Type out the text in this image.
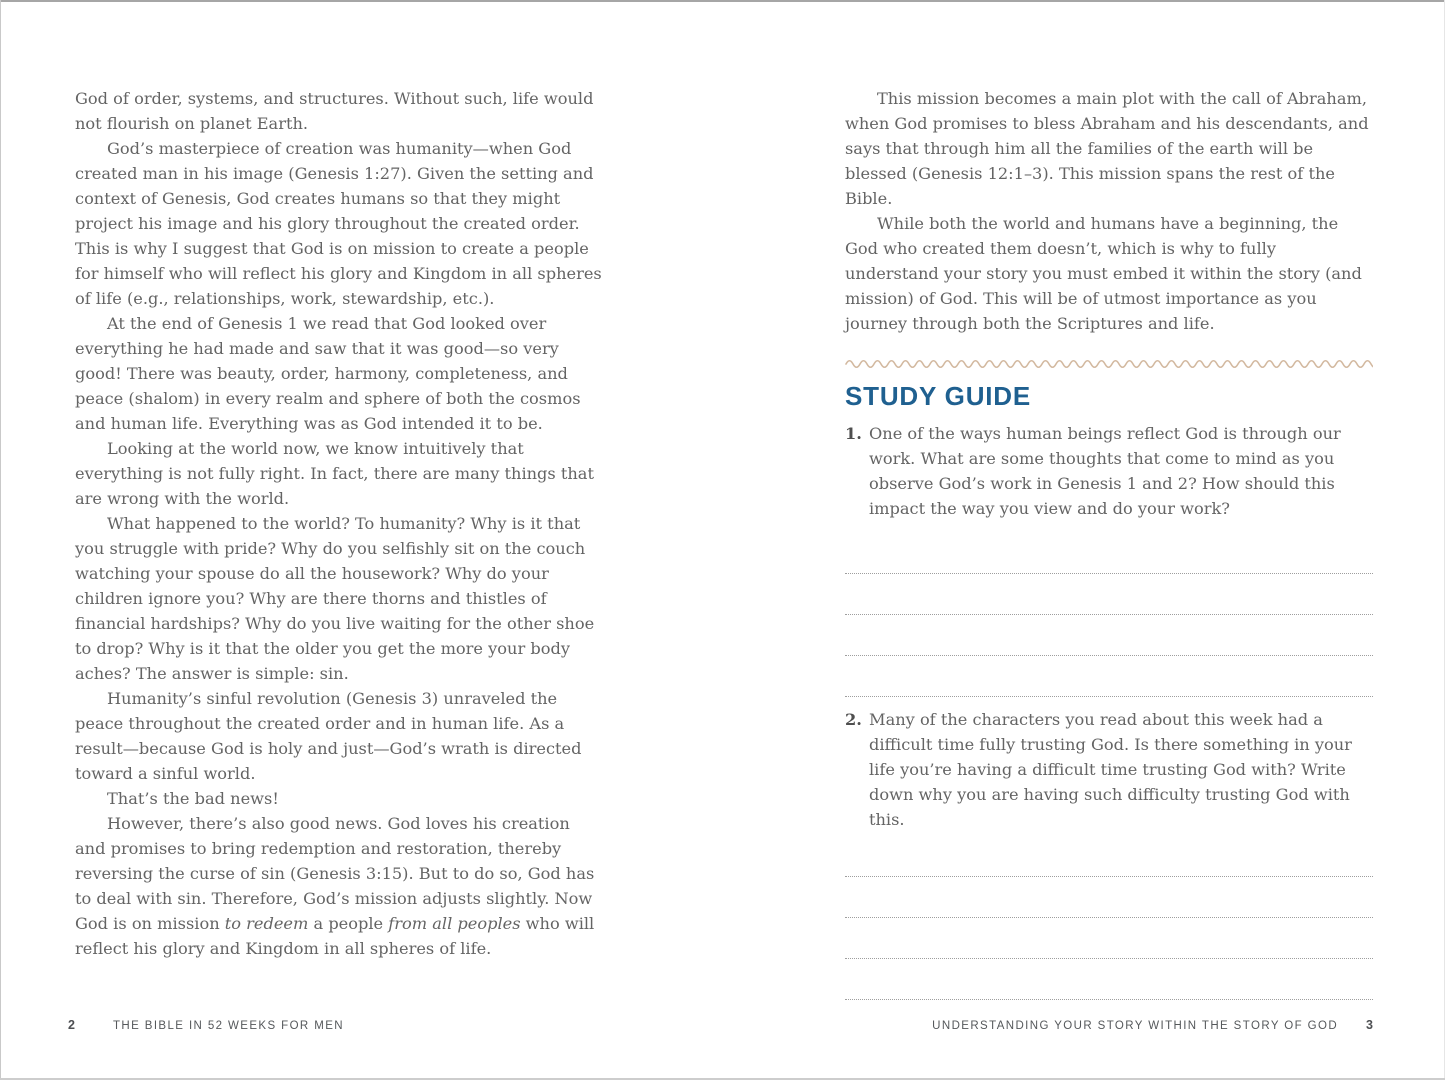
God of order, systems, and structures. Without such, life would not flourish on planet Earth.

God’s masterpiece of creation was humanity—when God created man in his image (Genesis 1:27). Given the setting and context of Genesis, God creates humans so that they might project his image and his glory throughout the created order. This is why I suggest that God is on mission to create a people for himself who will reflect his glory and Kingdom in all spheres of life (e.g., relationships, work, stewardship, etc.).

At the end of Genesis 1 we read that God looked over everything he had made and saw that it was good—so very good! There was beauty, order, harmony, completeness, and peace (shalom) in every realm and sphere of both the cosmos and human life. Everything was as God intended it to be.

Looking at the world now, we know intuitively that everything is not fully right. In fact, there are many things that are wrong with the world.

What happened to the world? To humanity? Why is it that you struggle with pride? Why do you selfishly sit on the couch watching your spouse do all the housework? Why do your children ignore you? Why are there thorns and thistles of financial hardships? Why do you live waiting for the other shoe to drop? Why is it that the older you get the more your body aches? The answer is simple: sin.

Humanity’s sinful revolution (Genesis 3) unraveled the peace throughout the created order and in human life. As a result—because God is holy and just—God’s wrath is directed toward a sinful world.

That’s the bad news!

However, there’s also good news. God loves his creation and promises to bring redemption and restoration, thereby reversing the curse of sin (Genesis 3:15). But to do so, God has to deal with sin. Therefore, God’s mission adjusts slightly. Now God is on mission to redeem a people from all peoples who will reflect his glory and Kingdom in all spheres of life.

2	THE BIBLE IN 52 WEEKS FOR MEN

This mission becomes a main plot with the call of Abraham, when God promises to bless Abraham and his descendants, and says that through him all the families of the earth will be blessed (Genesis 12:1–3). This mission spans the rest of the Bible.

While both the world and humans have a beginning, the God who created them doesn’t, which is why to fully understand your story you must embed it within the story (and mission) of God. This will be of utmost importance as you journey through both the Scriptures and life.

STUDY GUIDE
1. One of the ways human beings reflect God is through our work. What are some thoughts that come to mind as you observe God’s work in Genesis 1 and 2? How should this impact the way you view and do your work?
2. Many of the characters you read about this week had a difficult time fully trusting God. Is there something in your life you’re having a difficult time trusting God with? Write down why you are having such difficulty trusting God with this.
UNDERSTANDING YOUR STORY WITHIN THE STORY OF GOD 3
